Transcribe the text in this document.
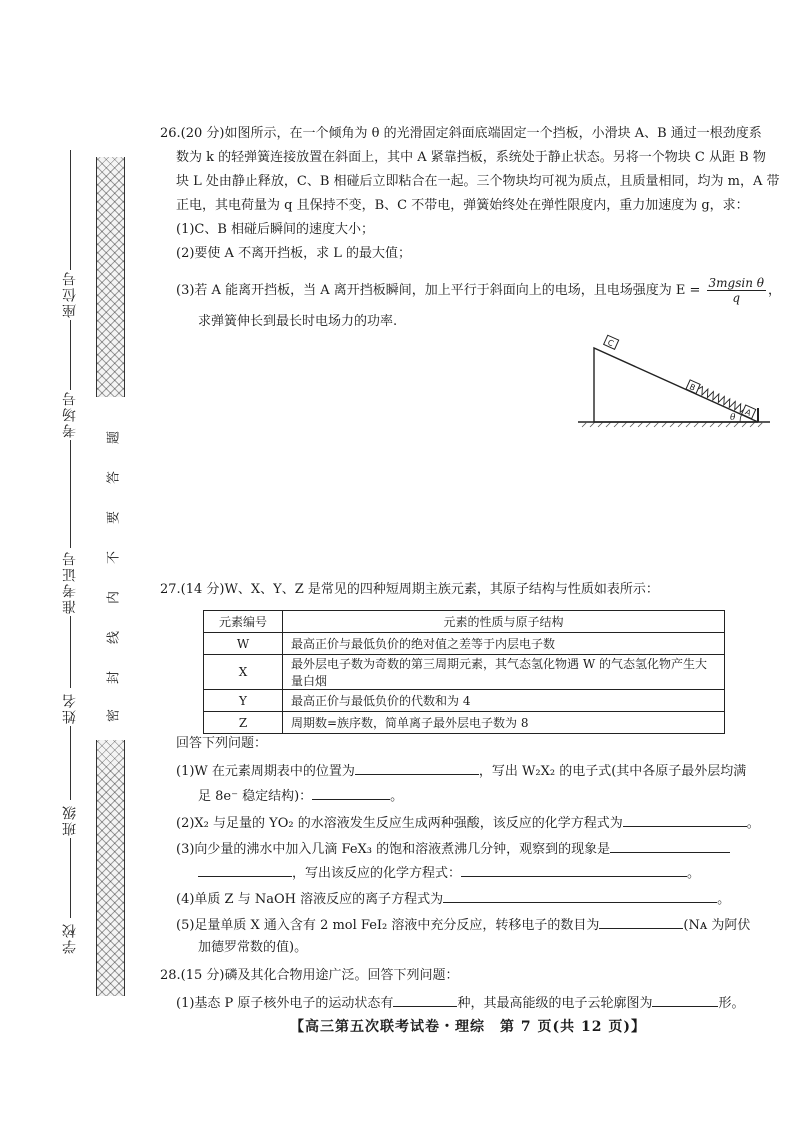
座位号
考场号
准考证号
姓名
班级
学校
题
答
要
不
内
线
封
密
26.(20 分)如图所示，在一个倾角为 θ 的光滑固定斜面底端固定一个挡板，小滑块 A、B 通过一根劲度系
数为 k 的轻弹簧连接放置在斜面上，其中 A 紧靠挡板，系统处于静止状态。另将一个物块 C 从距 B 物
块 L 处由静止释放，C、B 相碰后立即粘合在一起。三个物块均可视为质点，且质量相同，均为 m，A 带
正电，其电荷量为 q 且保持不变，B、C 不带电，弹簧始终处在弹性限度内，重力加速度为 g，求：
(1)C、B 相碰后瞬间的速度大小；
(2)要使 A 不离开挡板，求 L 的最大值；
(3)若 A 能离开挡板，当 A 离开挡板瞬间，加上平行于斜面向上的电场，且电场强度为 $E = \frac{\text{3mgsin θ}}{q}$ ，
求弹簧伸长到最长时电场力的功率.
C
B
A
θ
27.(14 分)W、X、Y、Z 是常见的四种短周期主族元素，其原子结构与性质如表所示：
元素编号	元素的性质与原子结构
W	最高正价与最低负价的绝对值之差等于内层电子数
X	最外层电子数为奇数的第三周期元素，其气态氢化物遇 W 的气态氢化物产生大量白烟
Y	最高正价与最低负价的代数和为 4
Z	周期数=族序数，简单离子最外层电子数为 8
回答下列问题：
(1)W 在元素周期表中的位置为	，写出 W₂X₂ 的电子式(其中各原子最外层均满
足 8e⁻ 稳定结构)：	。
(2)X₂ 与足量的 YO₂ 的水溶液发生反应生成两种强酸，该反应的化学方程式为	。
(3)向少量的沸水中加入几滴 FeX₃ 的饱和溶液煮沸几分钟，观察到的现象是
，写出该反应的化学方程式：	。
(4)单质 Z 与 NaOH 溶液反应的离子方程式为	。
(5)足量单质 X 通入含有 2 mol FeI₂ 溶液中充分反应，转移电子的数目为	(Nᴀ 为阿伏
加德罗常数的值)。
28.(15 分)磷及其化合物用途广泛。回答下列问题：
(1)基态 P 原子核外电子的运动状态有	种，其最高能级的电子云轮廓图为	形。
【高三第五次联考试卷・理综　第 7 页(共 12 页)】
